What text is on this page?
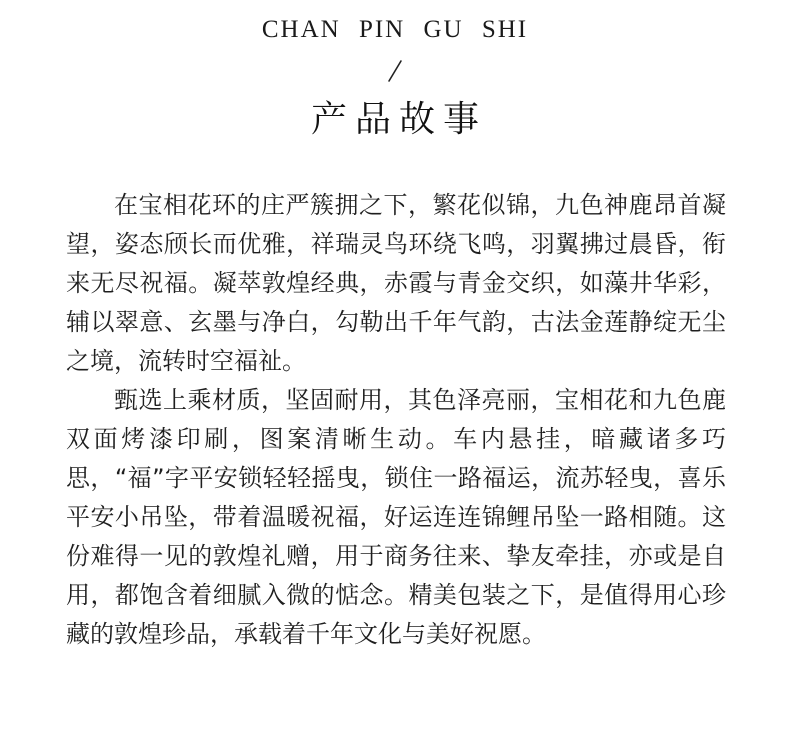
CHAN PIN GU SHI
产品故事

在宝相花环的庄严簇拥之下，繁花似锦，九色神鹿昂首凝望，姿态颀长而优雅，祥瑞灵鸟环绕飞鸣，羽翼拂过晨昏，衔来无尽祝福。凝萃敦煌经典，赤霞与青金交织，如藻井华彩，辅以翠意、玄墨与净白，勾勒出千年气韵，古法金莲静绽无尘之境，流转时空福祉。

甄选上乘材质，坚固耐用，其色泽亮丽，宝相花和九色鹿双面烤漆印刷，图案清晰生动。车内悬挂，暗藏诸多巧思，“福”字平安锁轻轻摇曳，锁住一路福运，流苏轻曳，喜乐平安小吊坠，带着温暖祝福，好运连连锦鲤吊坠一路相随。这份难得一见的敦煌礼赠，用于商务往来、挚友牵挂，亦或是自用，都饱含着细腻入微的惦念。精美包装之下，是值得用心珍藏的敦煌珍品，承载着千年文化与美好祝愿。
